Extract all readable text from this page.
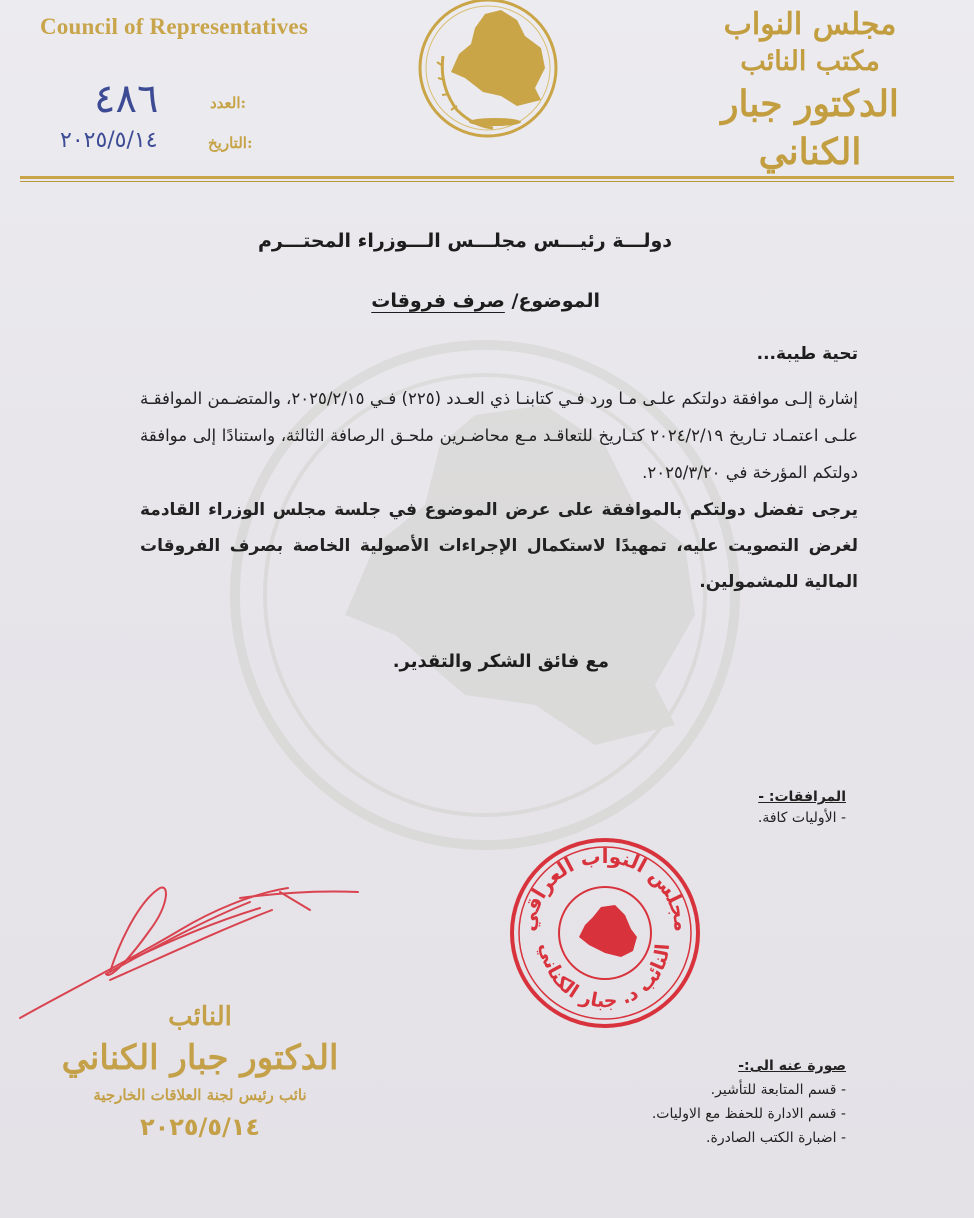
Council of Representatives	مجلس النواب
مكتب النائب
الدكتور جبار الكناني
العدد:
٤٨٦
التاريخ:
٢٠٢٥/٥/١٤
دولـــة رئيـــس مجلـــس الـــوزراء المحتـــرم
الموضوع/ صرف فروقات
تحية طيبة...
إشارة إلـى موافقة دولتكم علـى مـا ورد فـي كتابنـا ذي العـدد (٢٢٥) فـي ٢٠٢٥/٢/١٥، والمتضـمن الموافقـة علـى اعتمـاد تـاريخ ٢٠٢٤/٢/١٩ كتـاريخ للتعاقـد مـع محاضـرين ملحـق الرصافة الثالثة، واستنادًا إلى موافقة دولتكم المؤرخة في ٢٠٢٥/٣/٢٠.
يرجى تفضل دولتكم بالموافقة على عرض الموضوع في جلسة مجلس الوزراء القادمة لغرض التصويت عليه، تمهيدًا لاستكمال الإجراءات الأصولية الخاصة بصرف الفروقات المالية للمشمولين.
مع فائق الشكر والتقدير.
المرافقات: -
- الأوليات كافة.
مجلس النواب العراقي
النائب د. جبار الكناني
النائب
الدكتور جبار الكناني
نائب رئيس لجنة العلاقات الخارجية
٢٠٢٥/٥/١٤
صورة عنه الى:-
- قسم المتابعة للتأشير.
- قسم الادارة للحفظ مع الاوليات.
- اضبارة الكتب الصادرة.
